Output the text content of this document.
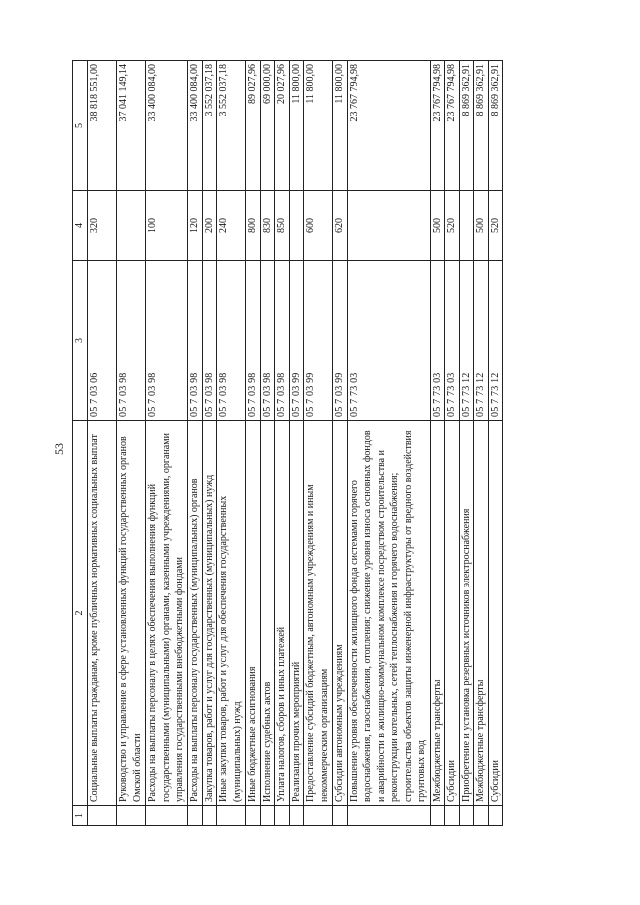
53
1	2	3	4	5
	Социальные выплаты гражданам, кроме публичных нормативных социальных выплат	05 7 03 06	320	38 818 551,00
	Руководство и управление в сфере установленных функций государственных органов Омской области	05 7 03 98		37 041 149,14
	Расходы на выплаты персоналу в целях обеспечения выполнения функций государственными (муниципальными) органами, казенными учреждениями, органами управления государственными внебюджетными фондами	05 7 03 98	100	33 400 084,00
	Расходы на выплаты персоналу государственных (муниципальных) органов	05 7 03 98	120	33 400 084,00
	Закупка товаров, работ и услуг для государственных (муниципальных) нужд	05 7 03 98	200	3 552 037,18
	Иные закупки товаров, работ и услуг для обеспечения государственных (муниципальных) нужд	05 7 03 98	240	3 552 037,18
	Иные бюджетные ассигнования	05 7 03 98	800	89 027,96
	Исполнение судебных актов	05 7 03 98	830	69 000,00
	Уплата налогов, сборов и иных платежей	05 7 03 98	850	20 027,96
	Реализация прочих мероприятий	05 7 03 99		11 800,00
	Предоставление субсидий бюджетным, автономным учреждениям и иным некоммерческим организациям	05 7 03 99	600	11 800,00
	Субсидии автономным учреждениям	05 7 03 99	620	11 800,00
	Повышение уровня обеспеченности жилищного фонда системами горячего водоснабжения, газоснабжения, отопления; снижение уровня износа основных фондов и аварийности в жилищно-коммунальном комплексе посредством строительства и реконструкции котельных, сетей теплоснабжения и горячего водоснабжения; строительства объектов защиты инженерной инфраструктуры от вредного воздействия грунтовых вод	05 7 73 03		23 767 794,98
	Межбюджетные трансферты	05 7 73 03	500	23 767 794,98
	Субсидии	05 7 73 03	520	23 767 794,98
	Приобретение и установка резервных источников электроснабжения	05 7 73 12		8 869 362,91
	Межбюджетные трансферты	05 7 73 12	500	8 869 362,91
	Субсидии	05 7 73 12	520	8 869 362,91
